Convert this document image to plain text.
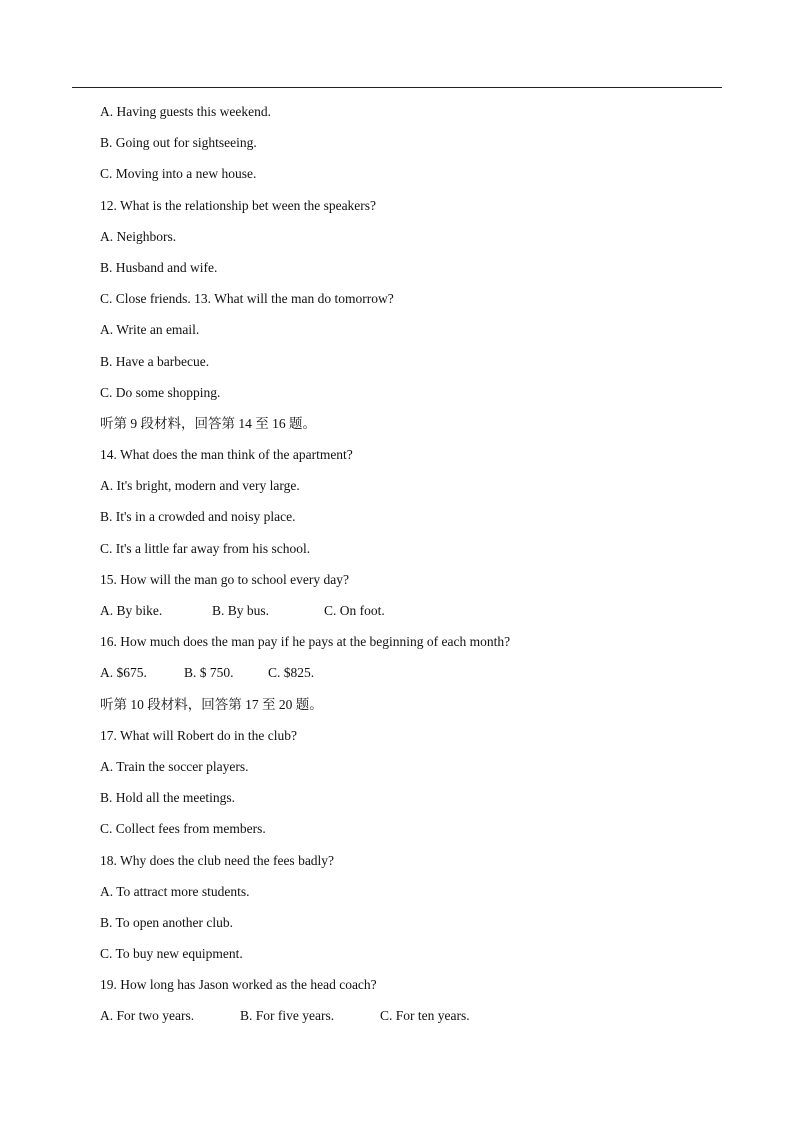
A. Having guests this weekend.
B. Going out for sightseeing.
C. Moving into a new house.
12. What is the relationship bet ween the speakers?
A. Neighbors.
B. Husband and wife.
C. Close friends. 13. What will the man do tomorrow?
A. Write an email.
B. Have a barbecue.
C. Do some shopping.
听第 9 段材料，回答第 14 至 16 题。
14. What does the man think of the apartment?
A. It's bright, modern and very large.
B. It's in a crowded and noisy place.
C. It's a little far away from his school.
15. How will the man go to school every day?
A. By bike.	B. By bus.	C. On foot.
16. How much does the man pay if he pays at the beginning of each month?
A. $675.	B. $ 750.	C. $825.
听第 10 段材料，回答第 17 至 20 题。
17. What will Robert do in the club?
A. Train the soccer players.
B. Hold all the meetings.
C. Collect fees from members.
18. Why does the club need the fees badly?
A. To attract more students.
B. To open another club.
C. To buy new equipment.
19. How long has Jason worked as the head coach?
A. For two years.	B. For five years.	C. For ten years.
